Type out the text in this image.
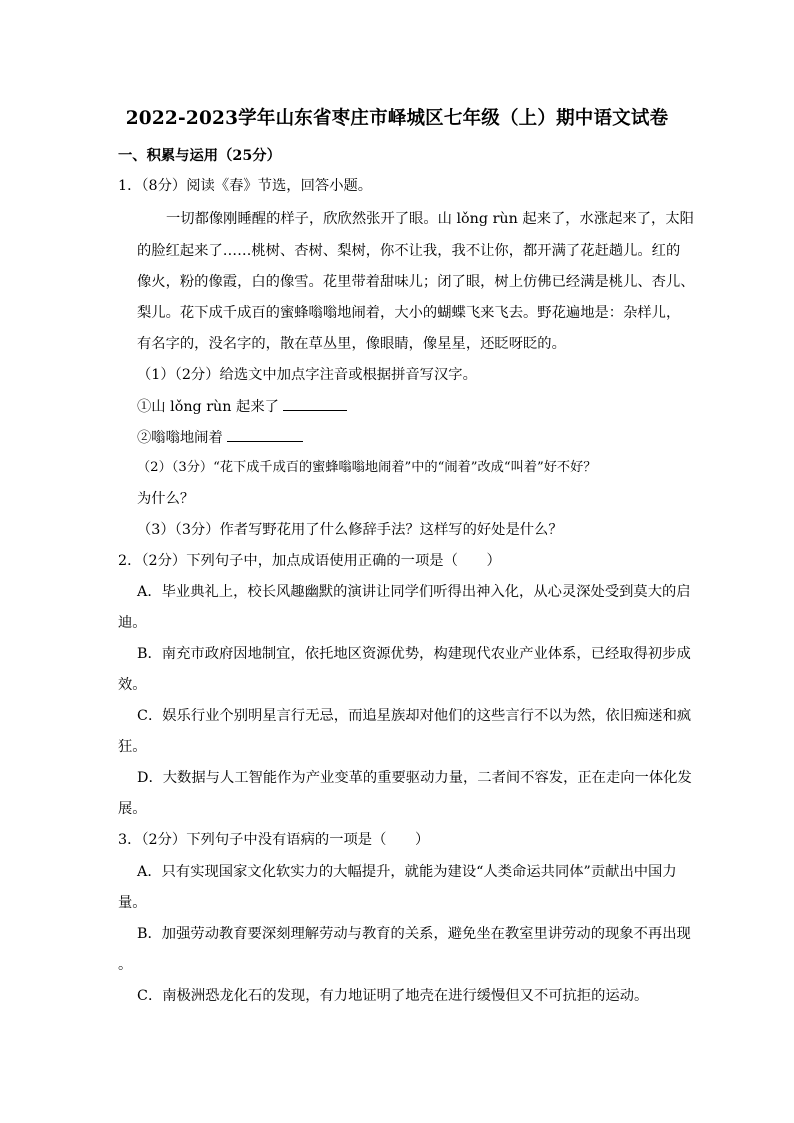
2022-2023学年山东省枣庄市峄城区七年级（上）期中语文试卷
一、积累与运用（25分）
1．（8分）阅读《春》节选，回答小题。
一切都像刚睡醒的样子，欣欣然张开了眼。山 lǒng rùn 起来了，水涨起来了，太阳
的脸红起来了……桃树、杏树、梨树，你不让我，我不让你，都开满了花赶趟儿。红的
像火，粉的像霞，白的像雪。花里带着甜味儿；闭了眼，树上仿佛已经满是桃儿、杏儿、
梨儿。花下成千成百的蜜蜂嗡嗡地闹着，大小的蝴蝶飞来飞去。野花遍地是：杂样儿，
有名字的，没名字的，散在草丛里，像眼睛，像星星，还眨呀眨的。
（1）（2分）给选文中加点字注音或根据拼音写汉字。
①山 lǒng rùn 起来了
②嗡嗡地闹着
（2）（3分）“花下成千成百的蜜蜂嗡嗡地闹着”中的“闹着”改成“叫着”好不好？
为什么？
（3）（3分）作者写野花用了什么修辞手法？这样写的好处是什么？
2．（2分）下列句子中，加点成语使用正确的一项是（　　）
A．毕业典礼上，校长风趣幽默的演讲让同学们听得出神入化，从心灵深处受到莫大的启
迪。
B．南充市政府因地制宜，依托地区资源优势，构建现代农业产业体系，已经取得初步成
效。
C．娱乐行业个别明星言行无忌，而追星族却对他们的这些言行不以为然，依旧痴迷和疯
狂。
D．大数据与人工智能作为产业变革的重要驱动力量，二者间不容发，正在走向一体化发
展。
3．（2分）下列句子中没有语病的一项是（　　）
A．只有实现国家文化软实力的大幅提升，就能为建设“人类命运共同体”贡献出中国力
量。
B．加强劳动教育要深刻理解劳动与教育的关系，避免坐在教室里讲劳动的现象不再出现
。
C．南极洲恐龙化石的发现，有力地证明了地壳在进行缓慢但又不可抗拒的运动。
